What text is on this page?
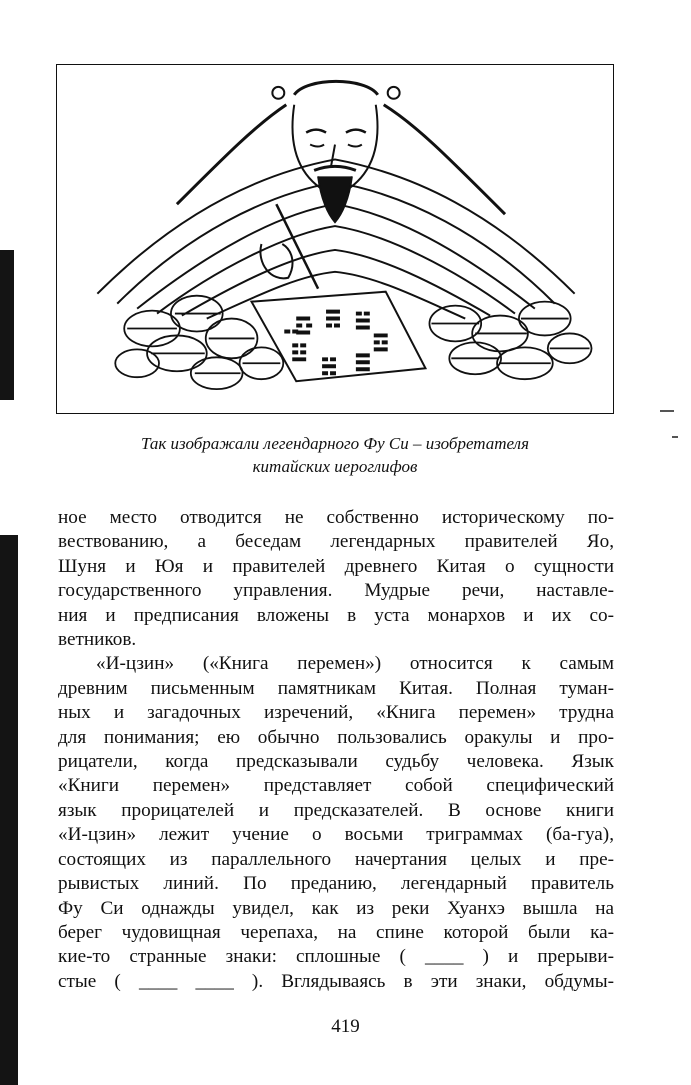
Так изображали легендарного Фу Си – изобретателя
китайских иероглифов

ное место отводится не собственно историческому по-
вествованию, а беседам легендарных правителей Яо,
Шуня и Юя и правителей древнего Китая о сущности
государственного управления. Мудрые речи, наставле-
ния и предписания вложены в уста монархов и их со-
ветников.

«И-цзин» («Книга перемен») относится к самым
древним письменным памятникам Китая. Полная туман-
ных и загадочных изречений, «Книга перемен» трудна
для понимания; ею обычно пользовались оракулы и про-
рицатели, когда предсказывали судьбу человека. Язык
«Книги перемен» представляет собой специфический
язык прорицателей и предсказателей. В основе книги
«И-цзин» лежит учение о восьми триграммах (ба-гуа),
состоящих из параллельного начертания целых и пре-
рывистых линий. По преданию, легендарный правитель
Фу Си однажды увидел, как из реки Хуанхэ вышла на
берег чудовищная черепаха, на спине которой были ка-
кие-то странные знаки: сплошные ( ____ ) и прерыви-
стые ( ____ ____ ). Вглядываясь в эти знаки, обдумы-

419
